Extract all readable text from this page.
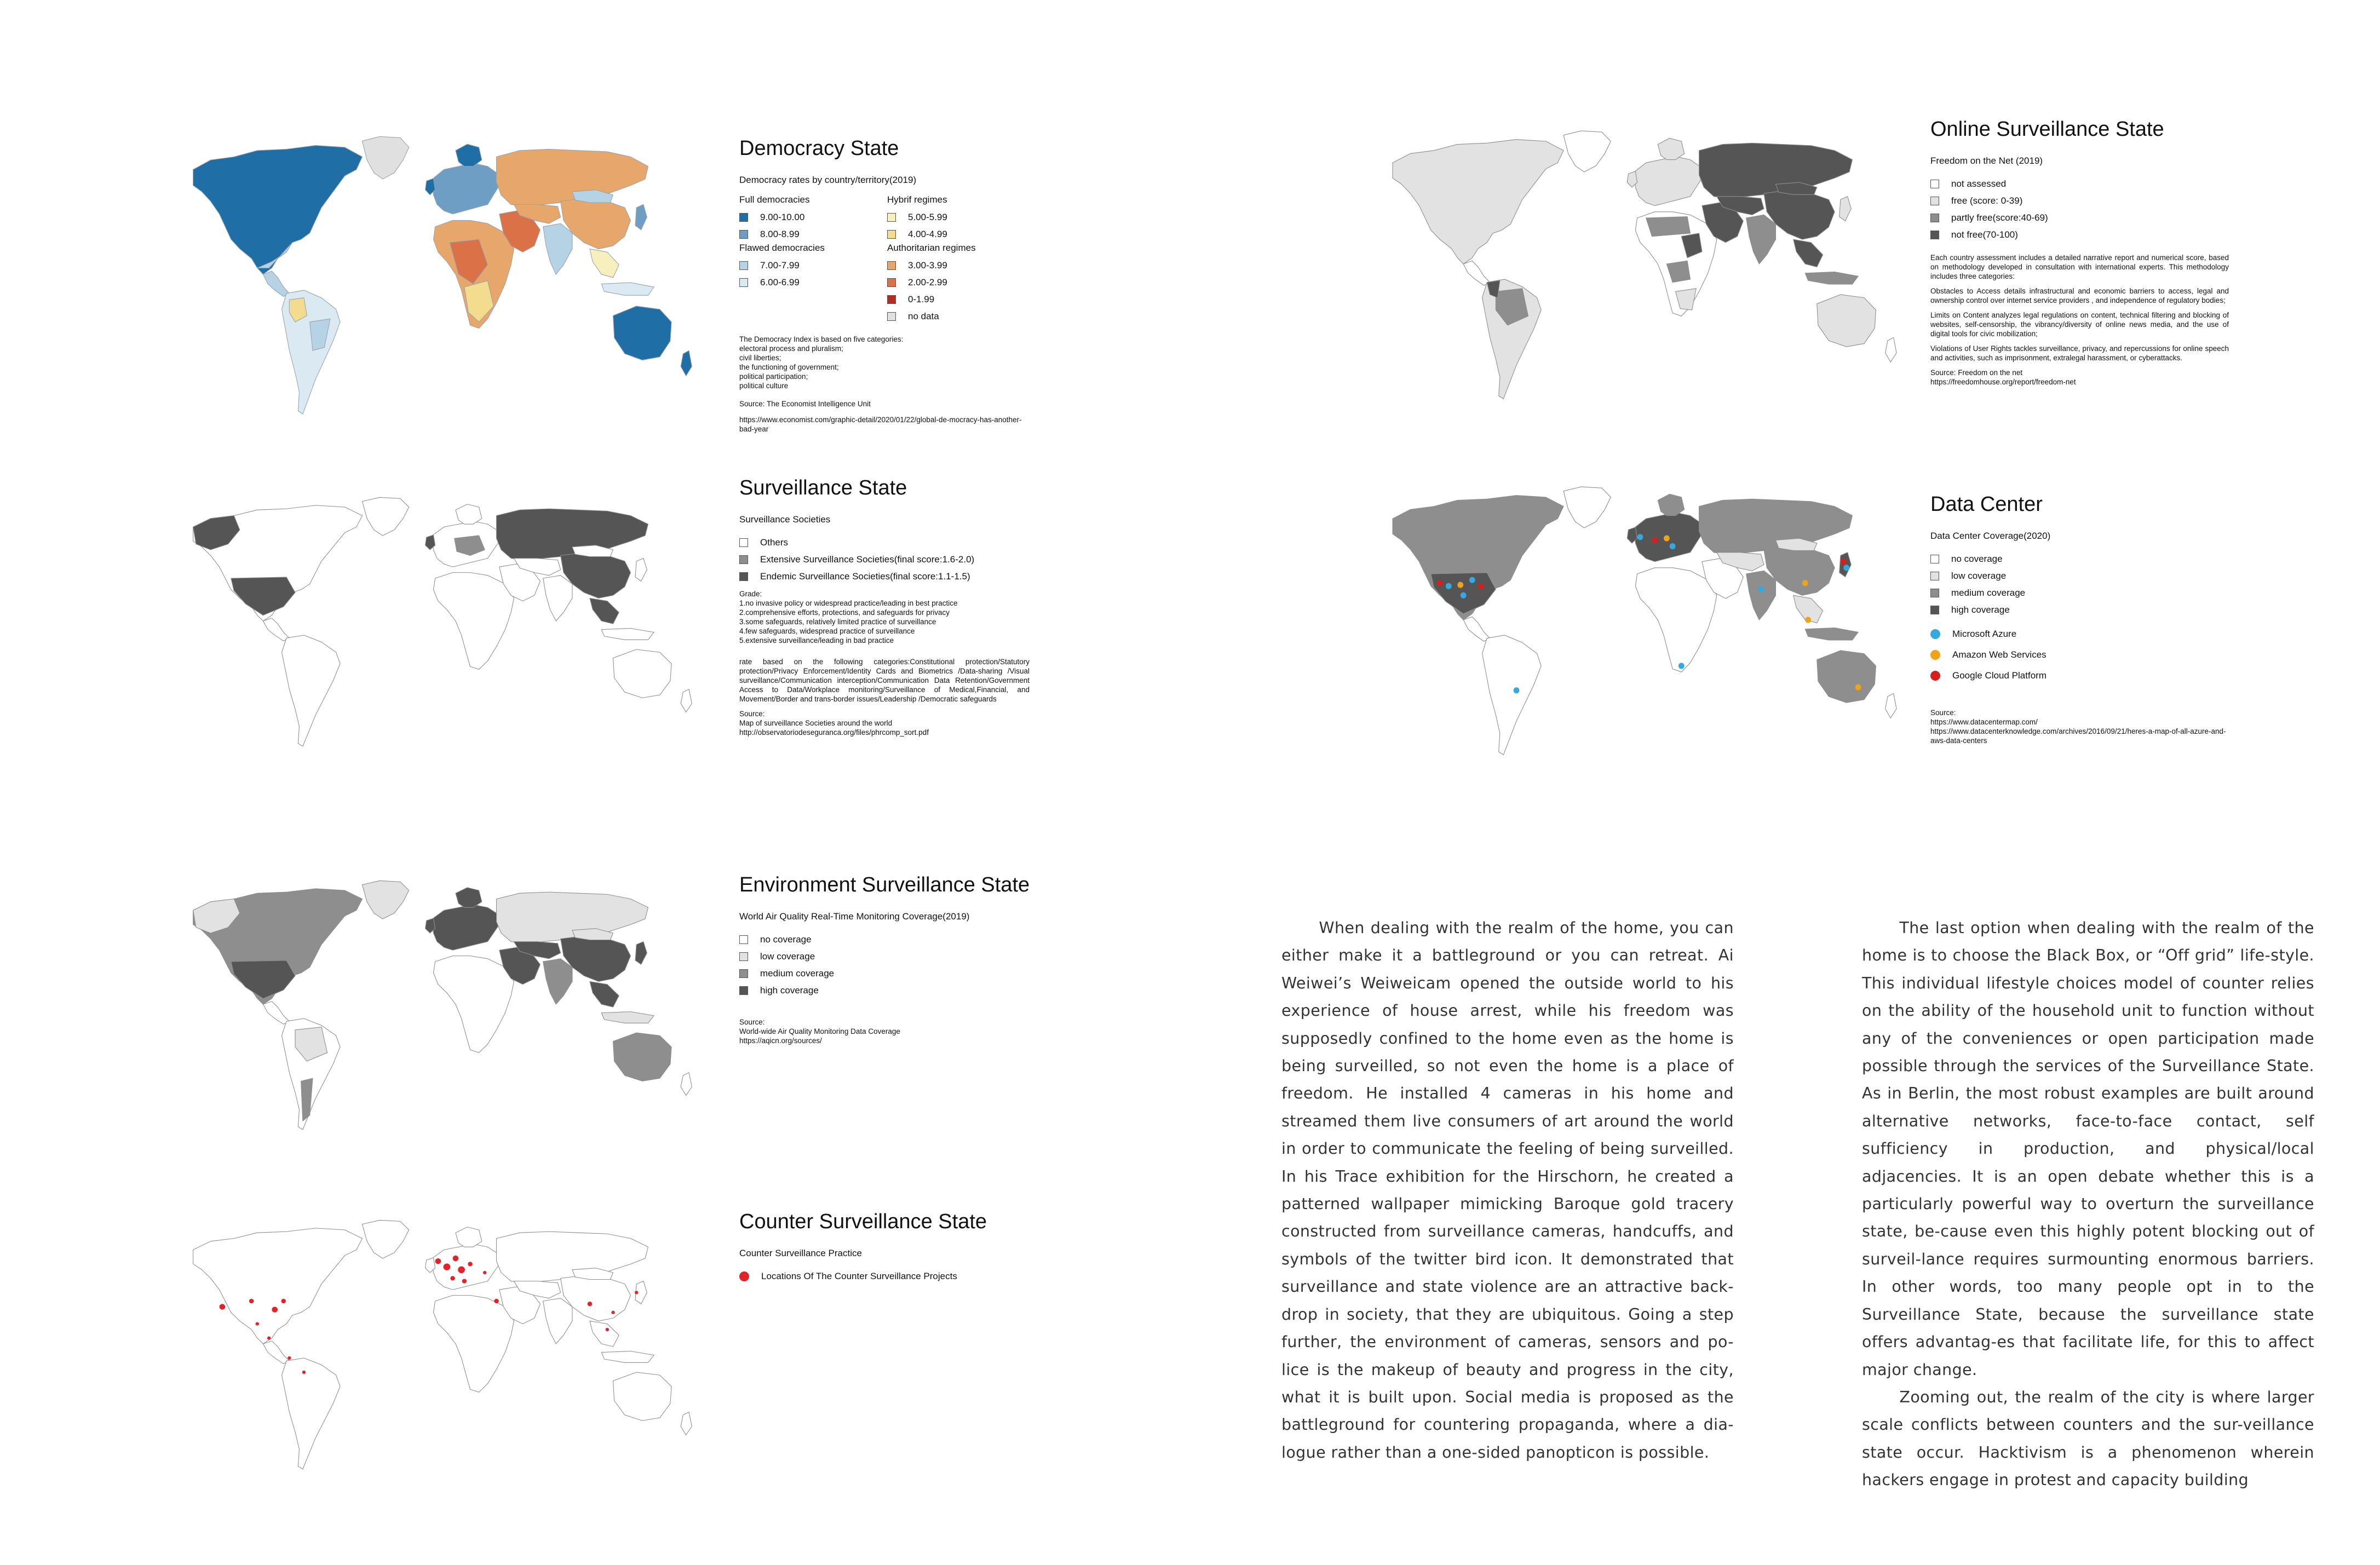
Democracy State
Democracy rates by country/territory(2019)
Full democracies
9.00-10.00
8.00-8.99
Flawed democracies
7.00-7.99
6.00-6.99
Hybrif regimes
5.00-5.99
4.00-4.99
Authoritarian regimes
3.00-3.99
2.00-2.99
0-1.99
no data
The Democracy Index is based on five categories:
electoral process and pluralism;
civil liberties;
the functioning of government;
political participation;
political culture
Source: The Economist Intelligence Unit
https://www.economist.com/graphic-detail/2020/01/22/global-de-mocracy-has-another-bad-year
Online Surveillance State
Freedom on the Net (2019)
not assessed
free (score: 0-39)
partly free(score:40-69)
not free(70-100)

Each country assessment includes a detailed narrative report and numerical score, based on methodology developed in consultation with international experts. This methodology includes three categories:

Obstacles to Access details infrastructural and economic barriers to access, legal and ownership control over internet service providers , and independence of regulatory bodies;

Limits on Content analyzes legal regulations on content, technical filtering and blocking of websites, self-censorship, the vibrancy/diversity of online news media, and the use of digital tools for civic mobilization;

Violations of User Rights tackles surveillance, privacy, and repercussions for online speech and activities, such as imprisonment, extralegal harassment, or cyberattacks.

Source: Freedom on the net
https://freedomhouse.org/report/freedom-net
Surveillance State
Surveillance Societies
Others
Extensive Surveillance Societies(final score:1.6-2.0)
Endemic Surveillance Societies(final score:1.1-1.5)
Grade:
1.no invasive policy or widespread practice/leading in best practice
2.comprehensive efforts, protections, and safeguards for privacy
3.some safeguards, relatively limited practice of surveillance
4.few safeguards, widespread practice of surveillance
5.extensive surveillance/leading in bad practice

rate based on the following categories:Constitutional protection/Statutory protection/Privacy Enforcement/Identity Cards and Biometrics /Data-sharing /Visual surveillance/Communication interception/Communication Data Retention/Government Access to Data/Workplace monitoring/Surveillance of Medical,Financial, and Movement/Border and trans-border issues/Leadership /Democratic safeguards

Source:
Map of surveillance Societies around the world
http://observatoriodeseguranca.org/files/phrcomp_sort.pdf
Data Center
Data Center Coverage(2020)
no coverage
low coverage
medium coverage
high coverage
Microsoft Azure
Amazon Web Services
Google Cloud Platform
Source:
https://www.datacentermap.com/
https://www.datacenterknowledge.com/archives/2016/09/21/heres-a-map-of-all-azure-and-aws-data-centers
Environment Surveillance State
World Air Quality Real-Time Monitoring Coverage(2019)
no coverage
low coverage
medium coverage
high coverage
Source:
World-wide Air Quality Monitoring Data Coverage
https://aqicn.org/sources/
Counter Surveillance State
Counter Surveillance Practice
Locations Of The Counter Surveillance Projects

When dealing with the realm of the home, you can either make it a battleground or you can retreat. Ai Weiwei’s Weiweicam opened the outside world to his experience of house arrest, while his freedom was supposedly confined to the home even as the home is being surveilled, so not even the home is a place of freedom. He installed 4 cameras in his home and streamed them live consumers of art around the world in order to communicate the feeling of being surveilled. In his Trace exhibition for the Hirschorn, he created a patterned wallpaper mimicking Baroque gold tracery constructed from surveillance cameras, handcuffs, and symbols of the twitter bird icon. It demonstrated that surveillance and state violence are an attractive back-drop in society, that they are ubiquitous. Going a step further, the environment of cameras, sensors and po-lice is the makeup of beauty and progress in the city, what it is built upon. Social media is proposed as the battleground for countering propaganda, where a dia-logue rather than a one-sided panopticon is possible.

The last option when dealing with the realm of the home is to choose the Black Box, or “Off grid” life-style. This individual lifestyle choices model of counter relies on the ability of the household unit to function without any of the conveniences or open participation made possible through the services of the Surveillance State. As in Berlin, the most robust examples are built around alternative networks, face-to-face contact, self sufficiency in production, and physical/local adjacencies. It is an open debate whether this is a particularly powerful way to overturn the surveillance state, be-cause even this highly potent blocking out of surveil-lance requires surmounting enormous barriers. In other words, too many people opt in to the Surveillance State, because the surveillance state offers advantag-es that facilitate life, for this to affect major change.

Zooming out, the realm of the city is where larger scale conflicts between counters and the sur-veillance state occur. Hacktivism is a phenomenon wherein hackers engage in protest and capacity building
